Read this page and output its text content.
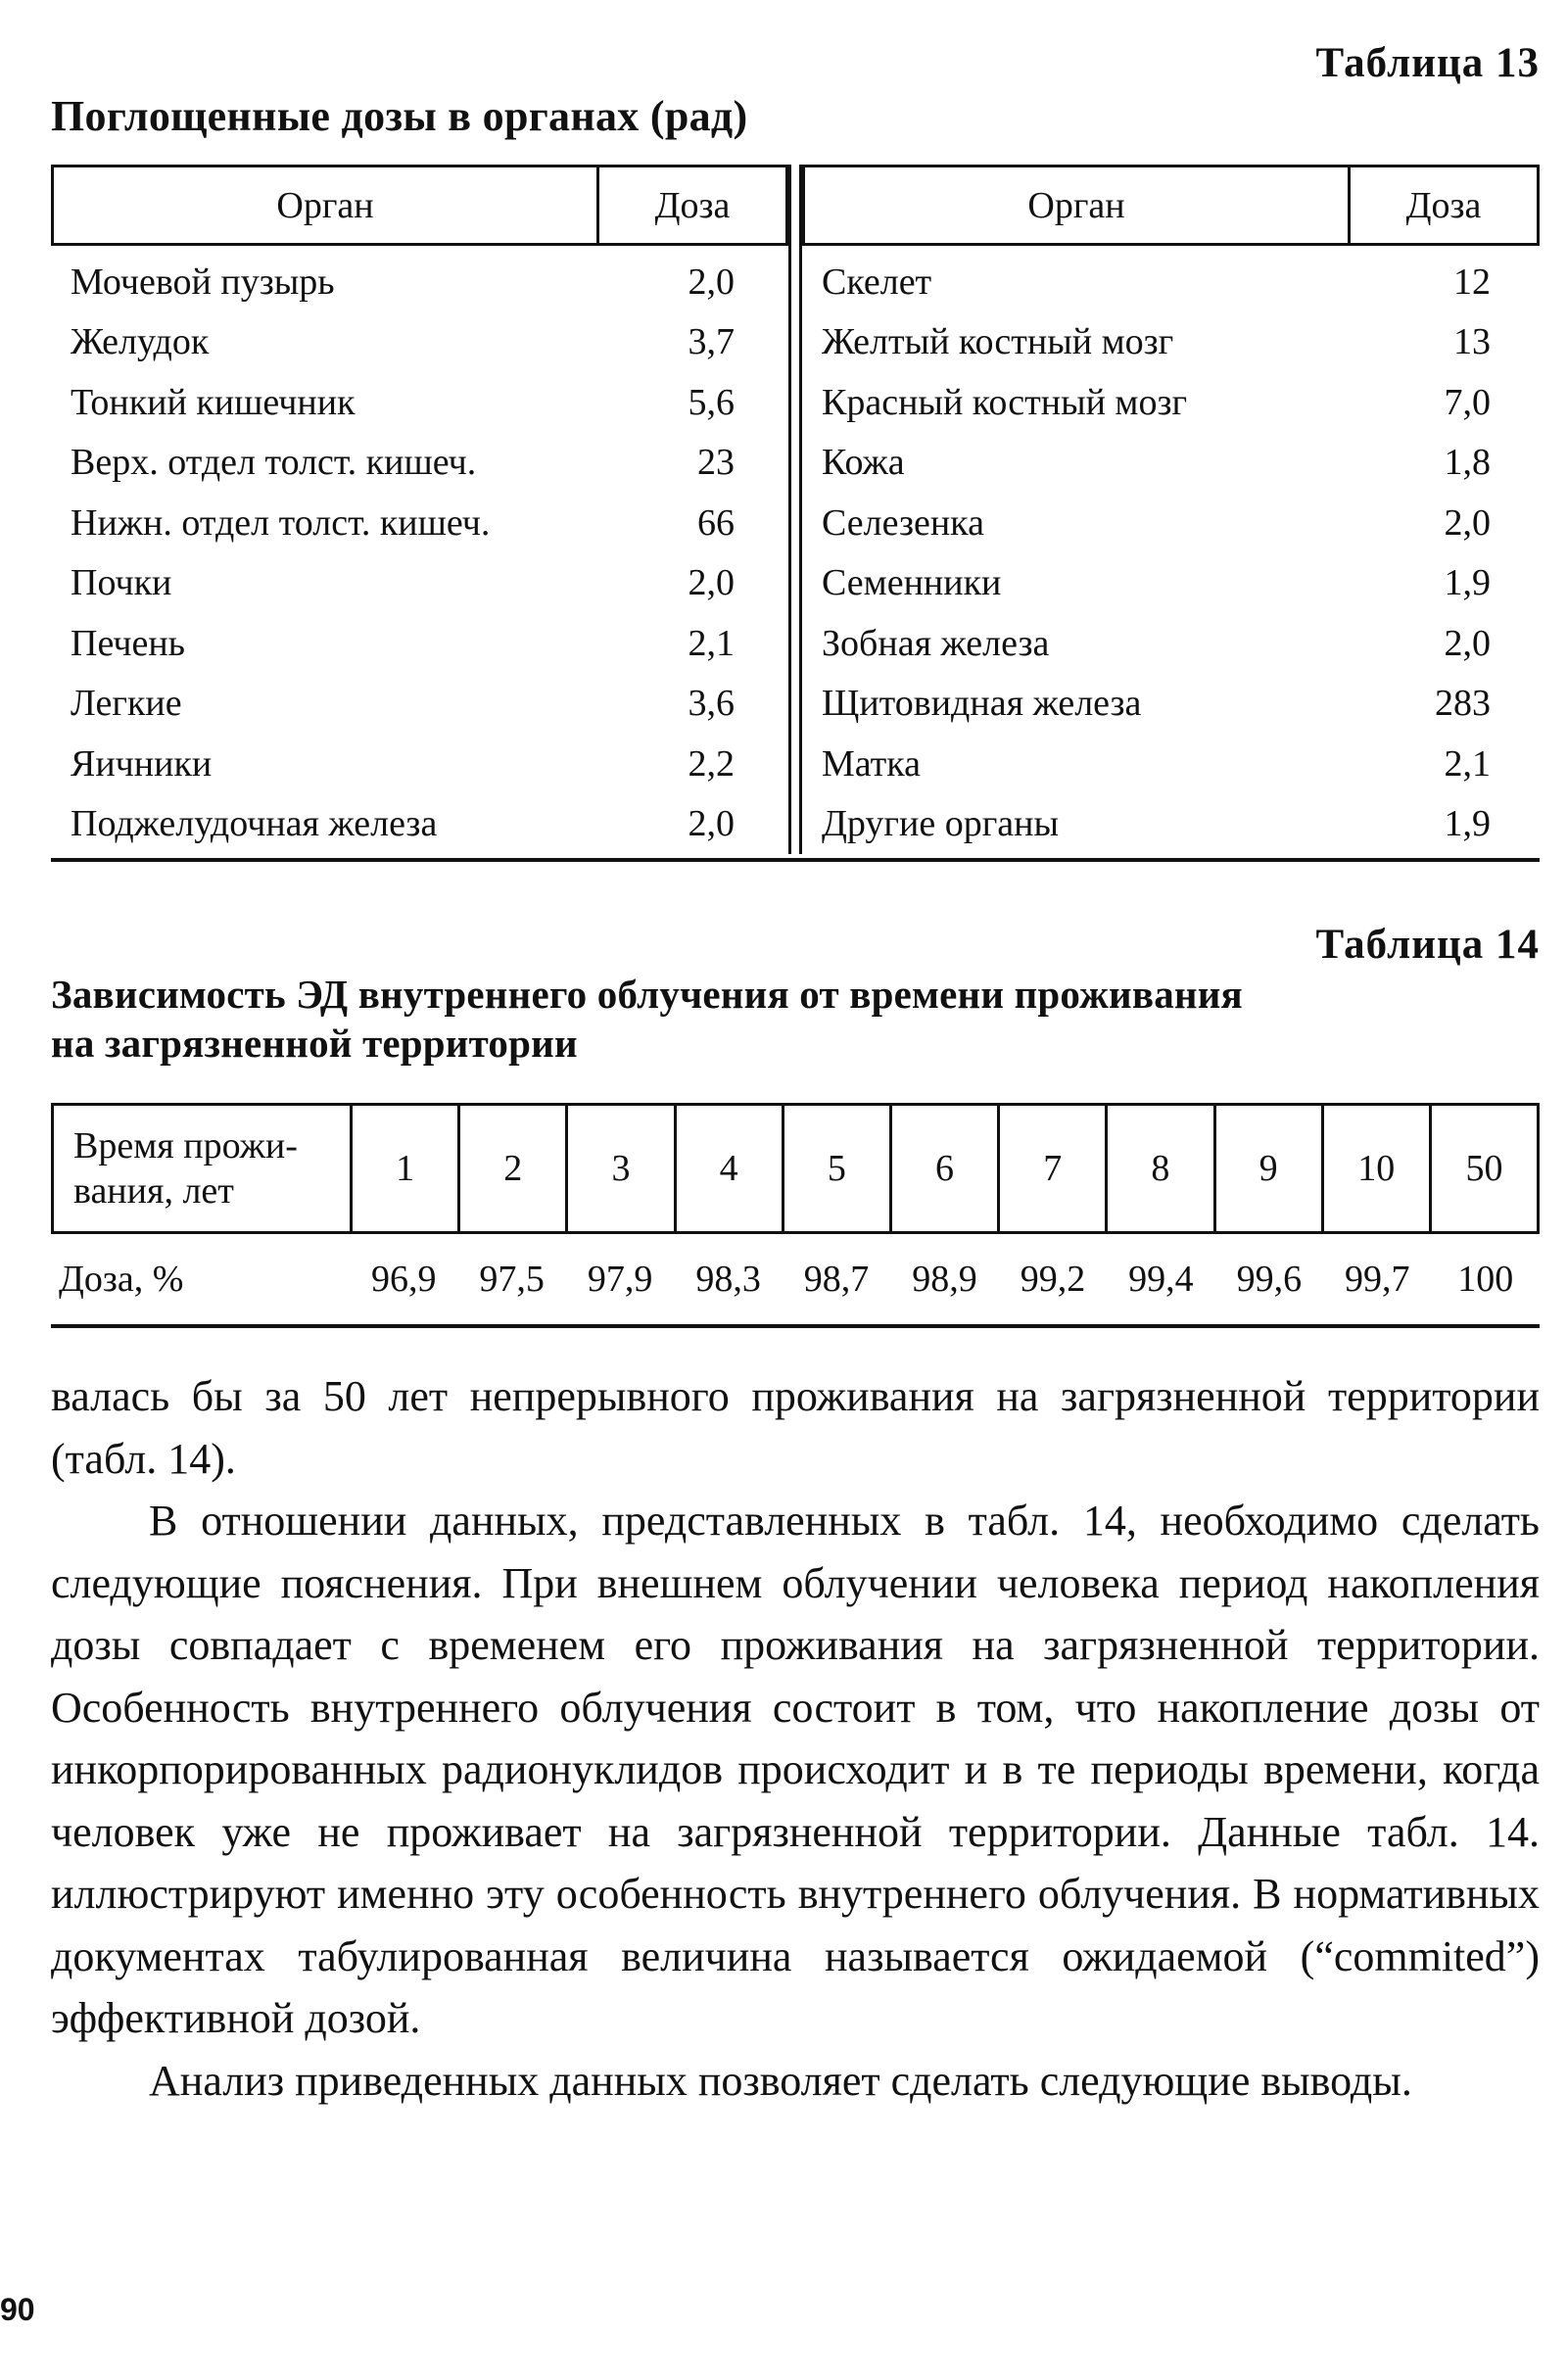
Таблица 13
Поглощенные дозы в органах (рад)
Орган	Доза
Мочевой пузырь	2,0
Желудок	3,7
Тонкий кишечник	5,6
Верх. отдел толст. кишеч.	23
Нижн. отдел толст. кишеч.	66
Почки	2,0
Печень	2,1
Легкие	3,6
Яичники	2,2
Поджелудочная железа	2,0
Орган	Доза
Скелет	12
Желтый костный мозг	13
Красный костный мозг	7,0
Кожа	1,8
Селезенка	2,0
Семенники	1,9
Зобная железа	2,0
Щитовидная железа	283
Матка	2,1
Другие органы	1,9
Таблица 14
Зависимость ЭД внутреннего облучения от времени проживания
на загрязненной территории
Время прожи-
вания, лет
1	2	3	4	5	6	7	8	9	10	50
Доза, %	96,9	97,5	97,9	98,3	98,7	98,9	99,2	99,4	99,6	99,7	100

валась бы за 50 лет непрерывного проживания на загрязненной территории (табл. 14).

В отношении данных, представленных в табл. 14, необходимо сделать следующие пояснения. При внешнем облучении человека период накопления дозы совпадает с временем его проживания на загрязненной территории. Особенность внутреннего облучения состоит в том, что накопление дозы от инкорпорированных радионуклидов происходит и в те периоды времени, когда человек уже не проживает на загрязненной территории. Данные табл. 14. иллюстрируют именно эту особенность внутреннего облучения. В нормативных документах табулированная величина называется ожидаемой (“commited”) эффективной дозой.

Анализ приведенных данных позволяет сделать следующие выводы.

90
